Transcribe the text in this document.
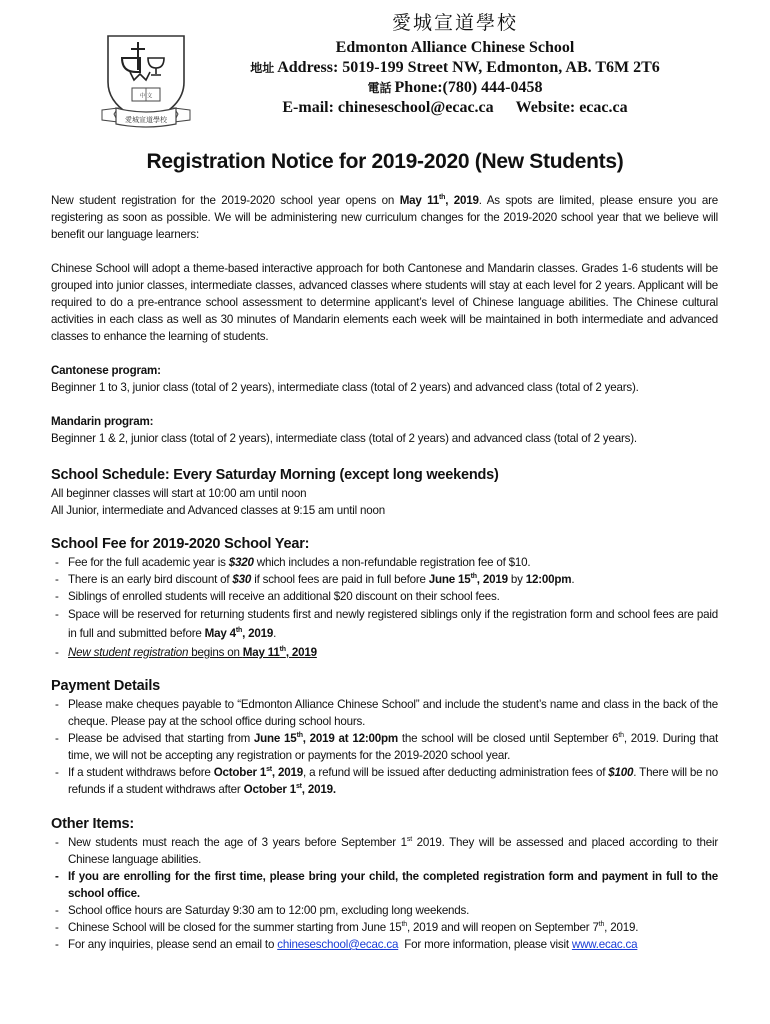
中 文
愛城宣道學校
愛城宣道學校
Edmonton Alliance Chinese School
地址 Address: 5019-199 Street NW, Edmonton, AB. T6M 2T6
電話 Phone:(780) 444-0458
E-mail: chineseschool@ecac.ca Website: ecac.ca
Registration Notice for 2019-2020 (New Students)

New student registration for the 2019-2020 school year opens on May 11th, 2019. As spots are limited, please ensure you are registering as soon as possible. We will be administering new curriculum changes for the 2019-2020 school year that we believe will benefit our language learners:

Chinese School will adopt a theme-based interactive approach for both Cantonese and Mandarin classes. Grades 1-6 students will be grouped into junior classes, intermediate classes, advanced classes where students will stay at each level for 2 years. Applicant will be required to do a pre-entrance school assessment to determine applicant’s level of Chinese language abilities. The Chinese cultural activities in each class as well as 30 minutes of Mandarin elements each week will be maintained in both intermediate and advanced classes to enhance the learning of students.

Cantonese program:
Beginner 1 to 3, junior class (total of 2 years), intermediate class (total of 2 years) and advanced class (total of 2 years).
Mandarin program:
Beginner 1 & 2, junior class (total of 2 years), intermediate class (total of 2 years) and advanced class (total of 2 years).
School Schedule: Every Saturday Morning (except long weekends)
All beginner classes will start at 10:00 am until noon
All Junior, intermediate and Advanced classes at 9:15 am until noon
School Fee for 2019-2020 School Year:
- Fee for the full academic year is $320 which includes a non-refundable registration fee of $10.
- There is an early bird discount of $30 if school fees are paid in full before June 15th, 2019 by 12:00pm.
- Siblings of enrolled students will receive an additional $20 discount on their school fees.
- Space will be reserved for returning students first and newly registered siblings only if the registration form and school fees are paid in full and submitted before May 4th, 2019.
- New student registration begins on May 11th, 2019
Payment Details
- Please make cheques payable to “Edmonton Alliance Chinese School” and include the student’s name and class in the back of the cheque. Please pay at the school office during school hours.
- Please be advised that starting from June 15th, 2019 at 12:00pm the school will be closed until September 6th, 2019. During that time, we will not be accepting any registration or payments for the 2019-2020 school year.
- If a student withdraws before October 1st, 2019, a refund will be issued after deducting administration fees of $100. There will be no refunds if a student withdraws after October 1st, 2019.
Other Items:
- New students must reach the age of 3 years before September 1st 2019. They will be assessed and placed according to their Chinese language abilities.
- If you are enrolling for the first time, please bring your child, the completed registration form and payment in full to the school office.
- School office hours are Saturday 9:30 am to 12:00 pm, excluding long weekends.
- Chinese School will be closed for the summer starting from June 15th, 2019 and will reopen on September 7th, 2019.
- For any inquiries, please send an email to chineseschool@ecac.ca  For more information, please visit www.ecac.ca
